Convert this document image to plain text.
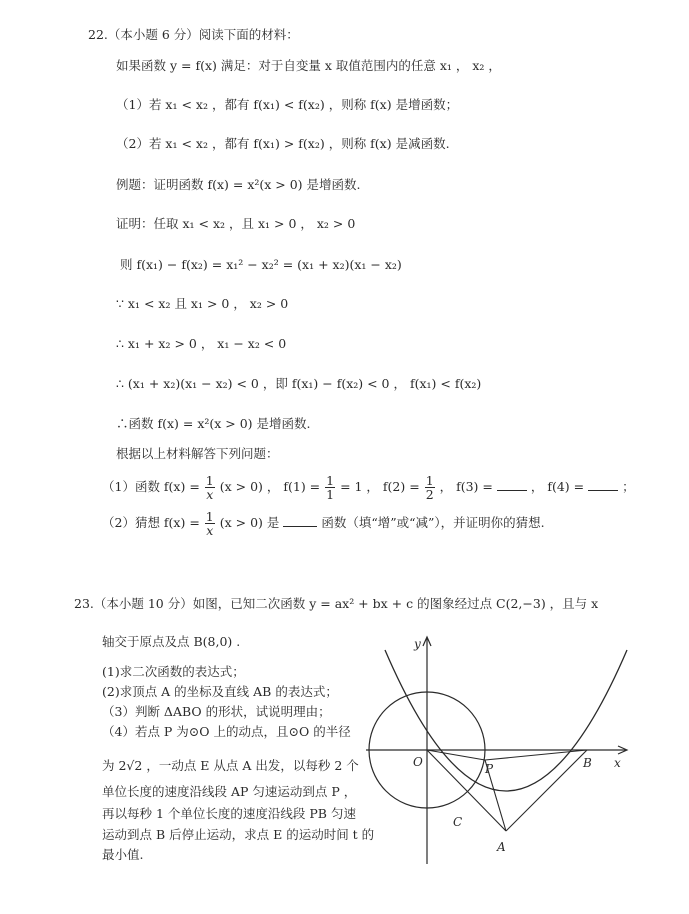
22.（本小题 6 分）阅读下面的材料：
如果函数 y = f(x) 满足：对于自变量 x 取值范围内的任意 x₁ ， x₂ ，
（1）若 x₁ < x₂ ，都有 f(x₁) < f(x₂) ，则称 f(x) 是增函数；
（2）若 x₁ < x₂ ，都有 f(x₁) > f(x₂) ，则称 f(x) 是减函数.
例题：证明函数 f(x) = x²(x > 0) 是增函数.
证明：任取 x₁ < x₂ ，且 x₁ > 0 ， x₂ > 0
则 f(x₁) − f(x₂) = x₁² − x₂² = (x₁ + x₂)(x₁ − x₂)
∵ x₁ < x₂ 且 x₁ > 0 ， x₂ > 0
∴ x₁ + x₂ > 0 ， x₁ − x₂ < 0
∴ (x₁ + x₂)(x₁ − x₂) < 0 ，即 f(x₁) − f(x₂) < 0 ， f(x₁) < f(x₂)
∴函数 f(x) = x²(x > 0) 是增函数.
根据以上材料解答下列问题：
（1）函数 $f(x) = \frac{1}{x} (x > 0)$ ， $f(1) = \frac{1}{1} = 1$ ， $f(2) = \frac{1}{2}$ ， f(3) =	， f(4) =	；
（2）猜想 $f(x) = \frac{1}{x} (x > 0)$ 是	函数（填“增”或“减”），并证明你的猜想.
23.（本小题 10 分）如图，已知二次函数 y = ax² + bx + c 的图象经过点 C(2,−3) ，且与 x
轴交于原点及点 B(8,0) .
(1)求二次函数的表达式；
(2)求顶点 A 的坐标及直线 AB 的表达式；
（3）判断 ΔABO 的形状，试说明理由；
（4）若点 P 为⊙O 上的动点，且⊙O 的半径
为 2√2 ，一动点 E 从点 A 出发，以每秒 2 个
单位长度的速度沿线段 AP 匀速运动到点 P ，
再以每秒 1 个单位长度的速度沿线段 PB 匀速
运动到点 B 后停止运动，求点 E 的运动时间 t 的
最小值.
y
x
O	P	B
C
A
